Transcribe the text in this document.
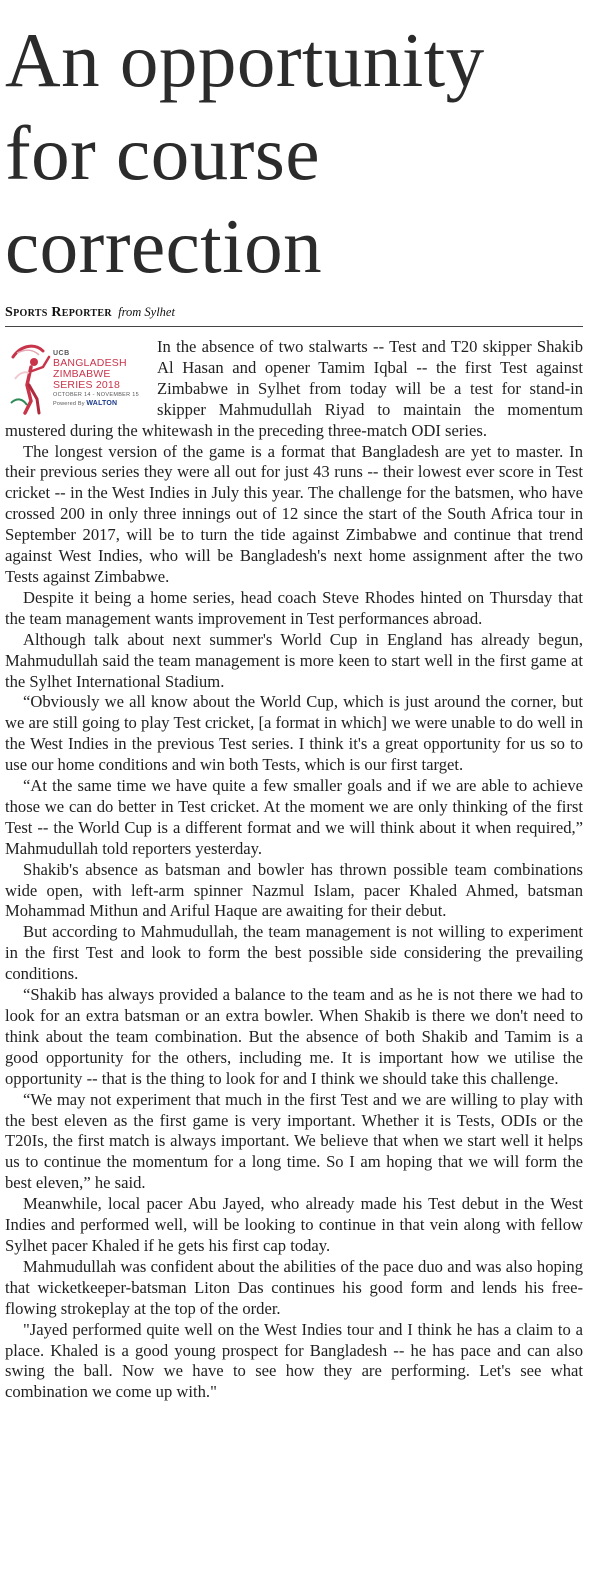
An opportunity
for course
correction
Sports Reporter from Sylhet
UCB
BANGLADESH
ZIMBABWE
SERIES 2018
OCTOBER 14 - NOVEMBER 15
Powered By WALTON

In the absence of two stalwarts -- Test and T20 skipper Shakib Al Hasan and opener Tamim Iqbal -- the first Test against Zimbabwe in Sylhet from today will be a test for stand-in skipper Mahmudullah Riyad to maintain the momentum mustered during the whitewash in the preceding three-match ODI series.

The longest version of the game is a format that Bangladesh are yet to master. In their previous series they were all out for just 43 runs -- their lowest ever score in Test cricket -- in the West Indies in July this year. The challenge for the batsmen, who have crossed 200 in only three innings out of 12 since the start of the South Africa tour in September 2017, will be to turn the tide against Zimbabwe and continue that trend against West Indies, who will be Bangladesh's next home assignment after the two Tests against Zimbabwe.

Despite it being a home series, head coach Steve Rhodes hinted on Thursday that the team management wants improvement in Test performances abroad.

Although talk about next summer's World Cup in England has already begun, Mahmudullah said the team management is more keen to start well in the first game at the Sylhet International Stadium.

“Obviously we all know about the World Cup, which is just around the corner, but we are still going to play Test cricket, [a format in which] we were unable to do well in the West Indies in the previous Test series. I think it's a great opportunity for us so to use our home conditions and win both Tests, which is our first target.

“At the same time we have quite a few smaller goals and if we are able to achieve those we can do better in Test cricket. At the moment we are only thinking of the first Test -- the World Cup is a different format and we will think about it when required,” Mahmudullah told reporters yesterday.

Shakib's absence as batsman and bowler has thrown possible team combinations wide open, with left-arm spinner Nazmul Islam, pacer Khaled Ahmed, batsman Mohammad Mithun and Ariful Haque are awaiting for their debut.

But according to Mahmudullah, the team management is not willing to experiment in the first Test and look to form the best possible side considering the prevailing conditions.

“Shakib has always provided a balance to the team and as he is not there we had to look for an extra batsman or an extra bowler. When Shakib is there we don't need to think about the team combination. But the absence of both Shakib and Tamim is a good opportunity for the others, including me. It is important how we utilise the opportunity -- that is the thing to look for and I think we should take this challenge.

“We may not experiment that much in the first Test and we are willing to play with the best eleven as the first game is very important. Whether it is Tests, ODIs or the T20Is, the first match is always important. We believe that when we start well it helps us to continue the momentum for a long time. So I am hoping that we will form the best eleven,” he said.

Meanwhile, local pacer Abu Jayed, who already made his Test debut in the West Indies and performed well, will be looking to continue in that vein along with fellow Sylhet pacer Khaled if he gets his first cap today.

Mahmudullah was confident about the abilities of the pace duo and was also hoping that wicketkeeper-batsman Liton Das continues his good form and lends his free-flowing strokeplay at the top of the order.

"Jayed performed quite well on the West Indies tour and I think he has a claim to a place. Khaled is a good young prospect for Bangladesh -- he has pace and can also swing the ball. Now we have to see how they are performing. Let's see what combination we come up with."
